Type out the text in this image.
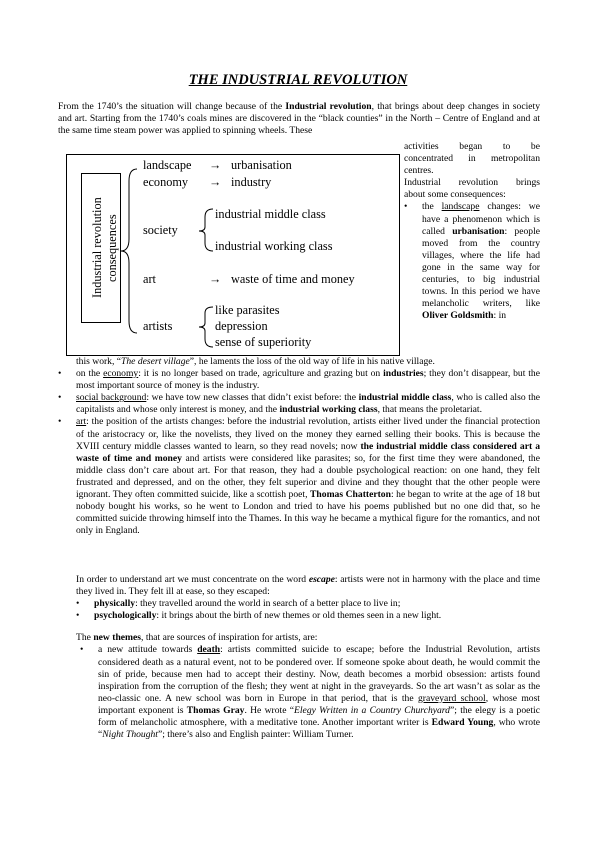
THE INDUSTRIAL REVOLUTION
From the 1740’s the situation will change because of the Industrial revolution, that brings about deep changes in society and art. Starting from the 1740’s coals mines are discovered in the “black counties” in the North – Centre of England and at the same time steam power was applied to spinning wheels. These
Industrial revolution consequences
landscape → urbanisation
economy → industry
industrial middle class
society
industrial working class
art	→ waste of time and money
like parasites
artists	depression
sense of superiority
activities began to be
concentrated in metropolitan
centres.
Industrial revolution brings
about some consequences:
• the landscape changes: we have a phenomenon which is called urbanisation: people moved from the country villages, where the life had gone in the same way for centuries, to big industrial towns. In this period we have melancholic writers, like Oliver Goldsmith: in
this work, “The desert village”, he laments the loss of the old way of life in his native village.
• on the economy: it is no longer based on trade, agriculture and grazing but on industries; they don’t disappear, but the most important source of money is the industry.
• social background: we have tow new classes that didn’t exist before: the industrial middle class, who is called also the capitalists and whose only interest is money, and the industrial working class, that means the proletariat.
• art: the position of the artists changes: before the industrial revolution, artists either lived under the financial protection of the aristocracy or, like the novelists, they lived on the money they earned selling their books. This is because the XVIII century middle classes wanted to learn, so they read novels; now the industrial middle class considered art a waste of time and money and artists were considered like parasites; so, for the first time they were abandoned, the middle class don’t care about art. For that reason, they had a double psychological reaction: on one hand, they felt frustrated and depressed, and on the other, they felt superior and divine and they thought that the other people were ignorant. They often committed suicide, like a scottish poet, Thomas Chatterton: he began to write at the age of 18 but nobody bought his works, so he went to London and tried to have his poems published but no one did that, so he committed suicide throwing himself into the Thames. In this way he became a mythical figure for the romantics, and not only in England.
In order to understand art we must concentrate on the word escape: artists were not in harmony with the place and time they lived in. They felt ill at ease, so they escaped:
• physically: they travelled around the world in search of a better place to live in;
• psychologically: it brings about the birth of new themes or old themes seen in a new light.
The new themes, that are sources of inspiration for artists, are:
• a new attitude towards death: artists committed suicide to escape; before the Industrial Revolution, artists considered death as a natural event, not to be pondered over. If someone spoke about death, he would commit the sin of pride, because men had to accept their destiny. Now, death becomes a morbid obsession: artists found inspiration from the corruption of the flesh; they went at night in the graveyards. So the art wasn’t as solar as the neo-classic one. A new school was born in Europe in that period, that is the graveyard school, whose most important exponent is Thomas Gray. He wrote “Elegy Written in a Country Churchyard”; the elegy is a poetic form of melancholic atmosphere, with a meditative tone. Another important writer is Edward Young, who wrote “Night Thought”; there’s also and English painter: William Turner.
